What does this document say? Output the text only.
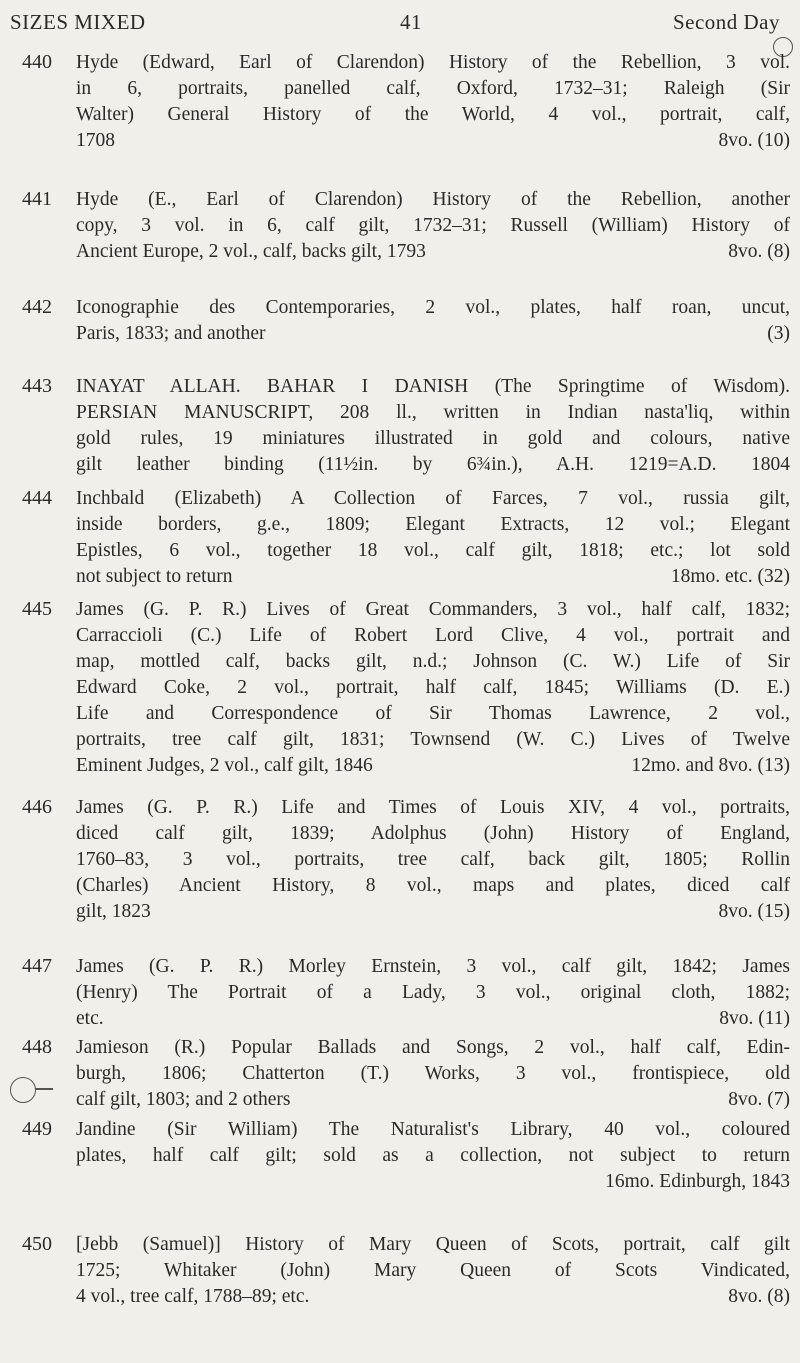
SIZES MIXED	41	Second Day
440	Hyde (Edward, Earl of Clarendon) History of the Rebellion, 3 vol.
in 6, portraits, panelled calf, Oxford, 1732–31; Raleigh (Sir
Walter) General History of the World, 4 vol., portrait, calf,
1708	8vo. (10)
441	Hyde (E., Earl of Clarendon) History of the Rebellion, another
copy, 3 vol. in 6, calf gilt, 1732–31; Russell (William) History of
Ancient Europe, 2 vol., calf, backs gilt, 1793	8vo. (8)
442	Iconographie des Contemporaries, 2 vol., plates, half roan, uncut,
Paris, 1833; and another	(3)
443	INAYAT ALLAH. BAHAR I DANISH (The Springtime of Wisdom).
PERSIAN MANUSCRIPT, 208 ll., written in Indian nasta'liq, within
gold rules, 19 miniatures illustrated in gold and colours, native
gilt leather binding (11½in. by 6¾in.), A.H. 1219=A.D. 1804
444	Inchbald (Elizabeth) A Collection of Farces, 7 vol., russia gilt,
inside borders, g.e., 1809; Elegant Extracts, 12 vol.; Elegant
Epistles, 6 vol., together 18 vol., calf gilt, 1818; etc.; lot sold
not subject to return	18mo. etc. (32)
445	James (G. P. R.) Lives of Great Commanders, 3 vol., half calf, 1832;
Carraccioli (C.) Life of Robert Lord Clive, 4 vol., portrait and
map, mottled calf, backs gilt, n.d.; Johnson (C. W.) Life of Sir
Edward Coke, 2 vol., portrait, half calf, 1845; Williams (D. E.)
Life and Correspondence of Sir Thomas Lawrence, 2 vol.,
portraits, tree calf gilt, 1831; Townsend (W. C.) Lives of Twelve
Eminent Judges, 2 vol., calf gilt, 1846	12mo. and 8vo. (13)
446	James (G. P. R.) Life and Times of Louis XIV, 4 vol., portraits,
diced calf gilt, 1839; Adolphus (John) History of England,
1760–83, 3 vol., portraits, tree calf, back gilt, 1805; Rollin
(Charles) Ancient History, 8 vol., maps and plates, diced calf
gilt, 1823	8vo. (15)
447	James (G. P. R.) Morley Ernstein, 3 vol., calf gilt, 1842; James
(Henry) The Portrait of a Lady, 3 vol., original cloth, 1882;
etc.	8vo. (11)
448	Jamieson (R.) Popular Ballads and Songs, 2 vol., half calf, Edin-
burgh, 1806; Chatterton (T.) Works, 3 vol., frontispiece, old
calf gilt, 1803; and 2 others	8vo. (7)
449	Jandine (Sir William) The Naturalist's Library, 40 vol., coloured
plates, half calf gilt; sold as a collection, not subject to return
16mo. Edinburgh, 1843
450	[Jebb (Samuel)] History of Mary Queen of Scots, portrait, calf gilt
1725; Whitaker (John) Mary Queen of Scots Vindicated,
4 vol., tree calf, 1788–89; etc.	8vo. (8)
